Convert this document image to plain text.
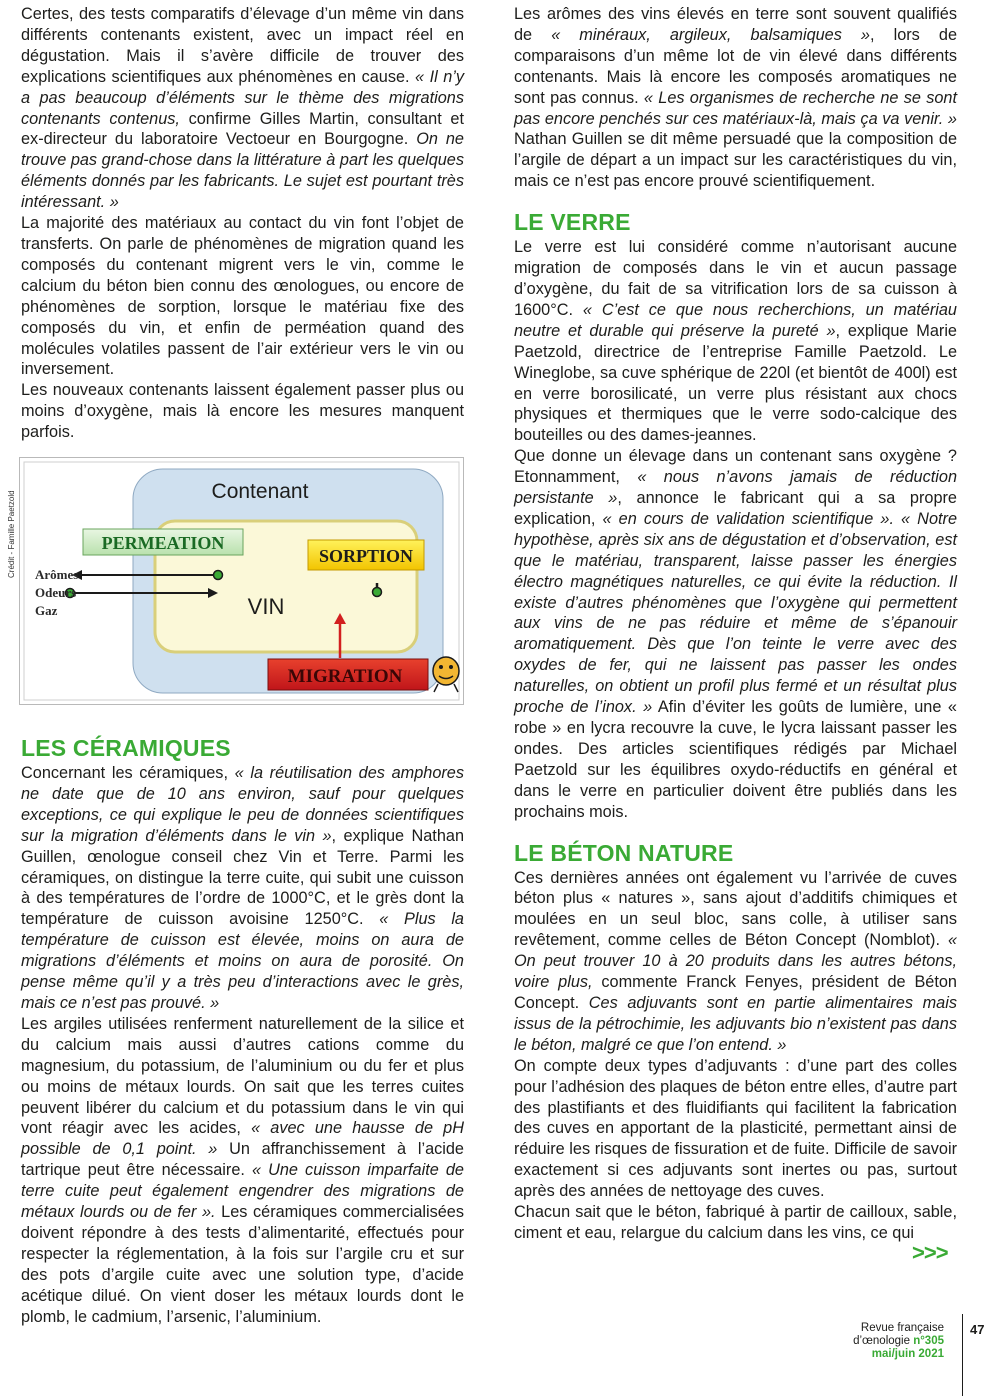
Certes, des tests comparatifs d’élevage d’un même vin dans différents contenants existent, avec un impact réel en dégustation. Mais il s’avère difficile de trouver des explications scientifiques aux phénomènes en cause. « Il n’y a pas beaucoup d’éléments sur le thème des migrations contenants contenus, confirme Gilles Martin, consultant et ex-directeur du laboratoire Vectoeur en Bourgogne. On ne trouve pas grand-chose dans la littérature à part les quelques éléments donnés par les fabricants. Le sujet est pourtant très intéressant. »

La majorité des matériaux au contact du vin font l’objet de transferts. On parle de phénomènes de migration quand les composés du contenant migrent vers le vin, comme le calcium du béton bien connu des œnologues, ou encore de phénomènes de sorption, lorsque le matériau fixe des composés du vin, et enfin de perméation quand des molécules volatiles passent de l’air extérieur vers le vin ou inversement.

Les nouveaux contenants laissent également passer plus ou moins d’oxygène, mais là encore les mesures manquent parfois.

Crédit - Famille Paetzold	Contenant
VIN
PERMEATION
SORPTION
Arômes
Odeurs
Gaz
MIGRATION
LES CÉRAMIQUES

Concernant les céramiques, « la réutilisation des amphores ne date que de 10 ans environ, sauf pour quelques exceptions, ce qui explique le peu de données scientifiques sur la migration d’éléments dans le vin », explique Nathan Guillen, œnologue conseil chez Vin et Terre. Parmi les céramiques, on distingue la terre cuite, qui subit une cuisson à des températures de l’ordre de 1000°C, et le grès dont la température de cuisson avoisine 1250°C. « Plus la température de cuisson est élevée, moins on aura de migrations d’éléments et moins on aura de porosité. On pense même qu’il y a très peu d’interactions avec le grès, mais ce n’est pas prouvé. »

Les argiles utilisées renferment naturellement de la silice et du calcium mais aussi d’autres cations comme du magnesium, du potassium, de l’aluminium ou du fer et plus ou moins de métaux lourds. On sait que les terres cuites peuvent libérer du calcium et du potassium dans le vin qui vont réagir avec les acides, « avec une hausse de pH possible de 0,1 point. » Un affranchissement à l’acide tartrique peut être nécessaire. « Une cuisson imparfaite de terre cuite peut également engendrer des migrations de métaux lourds ou de fer ». Les céramiques commercialisées doivent répondre à des tests d’alimentarité, effectués pour respecter la réglementation, à la fois sur l’argile cru et sur des pots d’argile cuite avec une solution type, d’acide acétique dilué. On vient doser les métaux lourds dont le plomb, le cadmium, l’arsenic, l’aluminium.

Les arômes des vins élevés en terre sont souvent qualifiés de « minéraux, argileux, balsamiques », lors de comparaisons d’un même lot de vin élevé dans différents contenants. Mais là encore les composés aromatiques ne sont pas connus. « Les organismes de recherche ne se sont pas encore penchés sur ces matériaux-là, mais ça va venir. » Nathan Guillen se dit même persuadé que la composition de l’argile de départ a un impact sur les caractéristiques du vin, mais ce n’est pas encore prouvé scientifiquement.

LE VERRE

Le verre est lui considéré comme n’autorisant aucune migration de composés dans le vin et aucun passage d’oxygène, du fait de sa vitrification lors de sa cuisson à 1600°C. « C’est ce que nous recherchions, un matériau neutre et durable qui préserve la pureté », explique Marie Paetzold, directrice de l’entreprise Famille Paetzold. Le Wineglobe, sa cuve sphérique de 220l (et bientôt de 400l) est en verre borosilicaté, un verre plus résistant aux chocs physiques et thermiques que le verre sodo-calcique des bouteilles ou des dames-jeannes.

Que donne un élevage dans un contenant sans oxygène ? Etonnamment, « nous n’avons jamais de réduction persistante », annonce le fabricant qui a sa propre explication, « en cours de validation scientifique ». « Notre hypothèse, après six ans de dégustation et d’observation, est que le matériau, transparent, laisse passer les énergies électro magnétiques naturelles, ce qui évite la réduction. Il existe d’autres phénomènes que l’oxygène qui permettent aux vins de ne pas réduire et même de s’épanouir aromatiquement. Dès que l’on teinte le verre avec des oxydes de fer, qui ne laissent pas passer les ondes naturelles, on obtient un profil plus fermé et un résultat plus proche de l’inox. » Afin d’éviter les goûts de lumière, une « robe » en lycra recouvre la cuve, le lycra laissant passer les ondes. Des articles scientifiques rédigés par Michael Paetzold sur les équilibres oxydo-réductifs en général et dans le verre en particulier doivent être publiés dans les prochains mois.

LE BÉTON NATURE

Ces dernières années ont également vu l’arrivée de cuves béton plus « natures », sans ajout d’additifs chimiques et moulées en un seul bloc, sans colle, à utiliser sans revêtement, comme celles de Béton Concept (Nomblot). « On peut trouver 10 à 20 produits dans les autres bétons, voire plus, commente Franck Fenyes, président de Béton Concept. Ces adjuvants sont en partie alimentaires mais issus de la pétrochimie, les adjuvants bio n’existent pas dans le béton, malgré ce que l’on entend. »

On compte deux types d’adjuvants : d’une part des colles pour l’adhésion des plaques de béton entre elles, d’autre part des plastifiants et des fluidifiants qui facilitent la fabrication des cuves en apportant de la plasticité, permettant ainsi de réduire les risques de fissuration et de fuite. Difficile de savoir exactement si ces adjuvants sont inertes ou pas, surtout après des années de nettoyage des cuves.

Chacun sait que le béton, fabriqué à partir de cailloux, sable, ciment et eau, relargue du calcium dans les vins, ce qui

>>>
Revue française
d’œnologie n°305
mai/juin 2021
47
